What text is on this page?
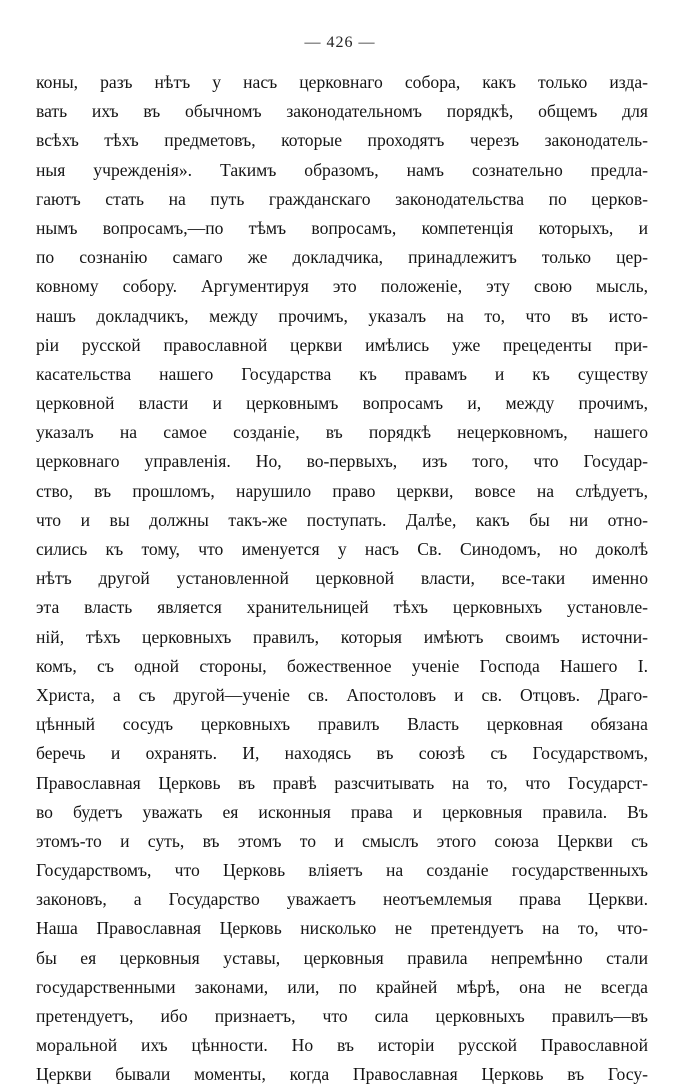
— 426 —
коны, разъ нѣтъ у насъ церковнаго собора, какъ только изда-
вать ихъ въ обычномъ законодательномъ порядкѣ, общемъ для
всѣхъ тѣхъ предметовъ, которые проходятъ черезъ законодатель-
ныя учрежденія». Такимъ образомъ, намъ сознательно предла-
гаютъ стать на путь гражданскаго законодательства по церков-
нымъ вопросамъ,—по тѣмъ вопросамъ, компетенція которыхъ, и
по сознанію самаго же докладчика, принадлежитъ только цер-
ковному собору. Аргументируя это положеніе, эту свою мысль,
нашъ докладчикъ, между прочимъ, указалъ на то, что въ исто-
ріи русской православной церкви имѣлись уже прецеденты при-
касательства нашего Государства къ правамъ и къ существу
церковной власти и церковнымъ вопросамъ и, между прочимъ,
указалъ на самое созданіе, въ порядкѣ нецерковномъ, нашего
церковнаго управленія. Но, во-первыхъ, изъ того, что Государ-
ство, въ прошломъ, нарушило право церкви, вовсе на слѣдуетъ,
что и вы должны такъ-же поступать. Далѣе, какъ бы ни отно-
сились къ тому, что именуется у насъ Св. Синодомъ, но доколѣ
нѣтъ другой установленной церковной власти, все-таки именно
эта власть является хранительницей тѣхъ церковныхъ установле-
ній, тѣхъ церковныхъ правилъ, которыя имѣютъ своимъ источни-
комъ, съ одной стороны, божественное ученіе Господа Нашего І.
Христа, а съ другой—ученіе св. Апостоловъ и св. Отцовъ. Драго-
цѣнный сосудъ церковныхъ правилъ Власть церковная обязана
беречь и охранять. И, находясь въ союзѣ съ Государствомъ,
Православная Церковь въ правѣ разсчитывать на то, что Государст-
во будетъ уважать ея исконныя права и церковныя правила. Въ
этомъ-то и суть, въ этомъ то и смыслъ этого союза Церкви съ
Государствомъ, что Церковь вліяетъ на созданіе государственныхъ
законовъ, а Государство уважаетъ неотъемлемыя права Церкви.
Наша Православная Церковь нисколько не претендуетъ на то, что-
бы ея церковныя уставы, церковныя правила непремѣнно стали
государственными законами, или, по крайней мѣрѣ, она не всегда
претендуетъ, ибо признаетъ, что сила церковныхъ правилъ—въ
моральной ихъ цѣнности. Но въ исторіи русской Православной
Церкви бывали моменты, когда Православная Церковь въ Госу-
